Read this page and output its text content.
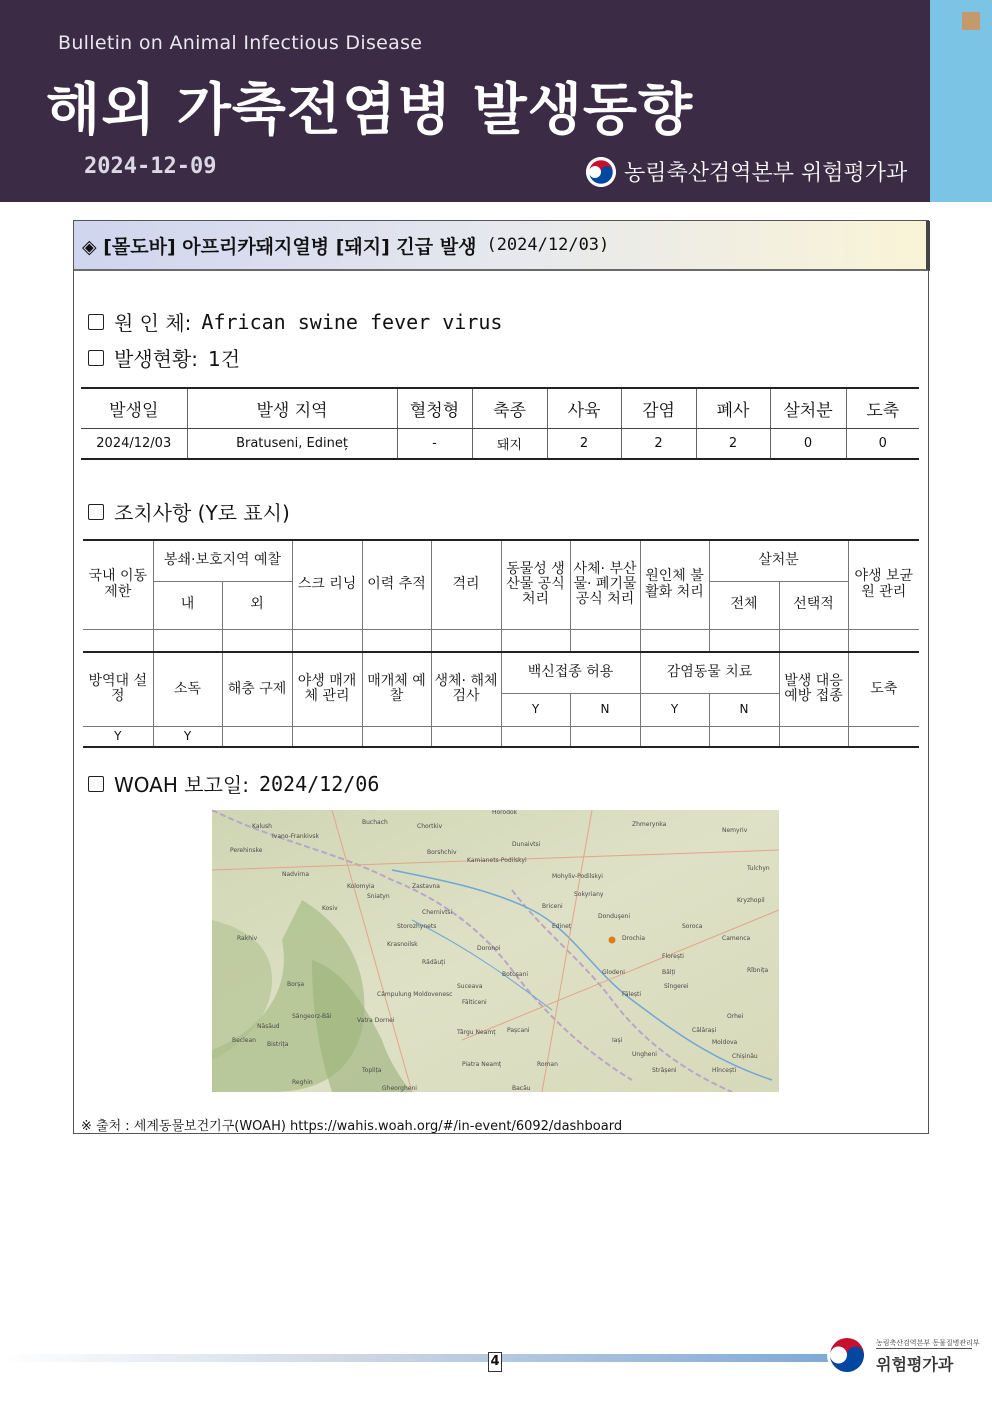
Bulletin on Animal Infectious Disease
해외 가축전염병 발생동향
2024-12-09	농림축산검역본부 위험평가과
◈ [몰도바] 아프리카돼지열병 [돼지] 긴급 발생 (2024/12/03)
원 인 체: African swine fever virus
발생현황: 1건
발생일	발생 지역	혈청형	축종	사육	감염	폐사	살처분	도축
2024/12/03	Bratuseni, Edineț	-	돼지	2	2	2	0	0
조치사항 (Y로 표시)
국내 이동 제한	봉쇄·보호지역 예찰		스크 리닝	이력 추적	격리	동물성 생산물 공식 처리	사체· 부산물· 폐기물 공식 처리	원인체 불활화 처리	살처분		야생 보균원 관리
	내	외							전체	선택적	

방역대 설정	소독	해충 구제	야생 매개체 관리	매개체 예찰	생체· 해체 검사	백신접종 허용		감염동물 치료		발생 대응 예방 접종	도축
						Y	N	Y	N		
Y	Y										
WOAH 보고일: 2024/12/06
Horodok
Kalush
Buchach
Chortkiv	Zhmerynka
Nemyriv
Ivano-Frankivsk
Dunaivtsi
Kamianets-Podilskyi
Perehinske	Borshchiv
Tulchyn
Nadvirna	Mohyliv-Podilskyi
Kolomyia	Zastavna
Sniatyn	Sokyriany
Kryzhopil
Kosiv
Chernivtsi
Briceni
Donduşeni
Storozhynets	Edineț	Soroca
Rakhiv	Drochia	Camenca
Krasnoilsk
Dorohoi
Florești
Rădăuți
Botoșani	Glodeni	Bălți	Rîbnița
Borșa	Sîngerei
Fălești
Câmpulung Moldovenesc
Suceava
Orhei
Fălticeni
Săngeorz-Băi
Vatra Dornei
Năsăud
Pașcani	Călărași
Bistrița
Târgu Neamț
Iași
Ungheni
Moldova
Beclean
Chișinău
Toplița
Piatra Neamț	Roman
Strășeni	Hîncești
Reghin
Gheorgheni	Bacău
※ 출처 : 세계동물보건기구(WOAH) https://wahis.woah.org/#/in-event/6092/dashboard
4
농림축산검역본부 동물질병관리부
위험평가과
